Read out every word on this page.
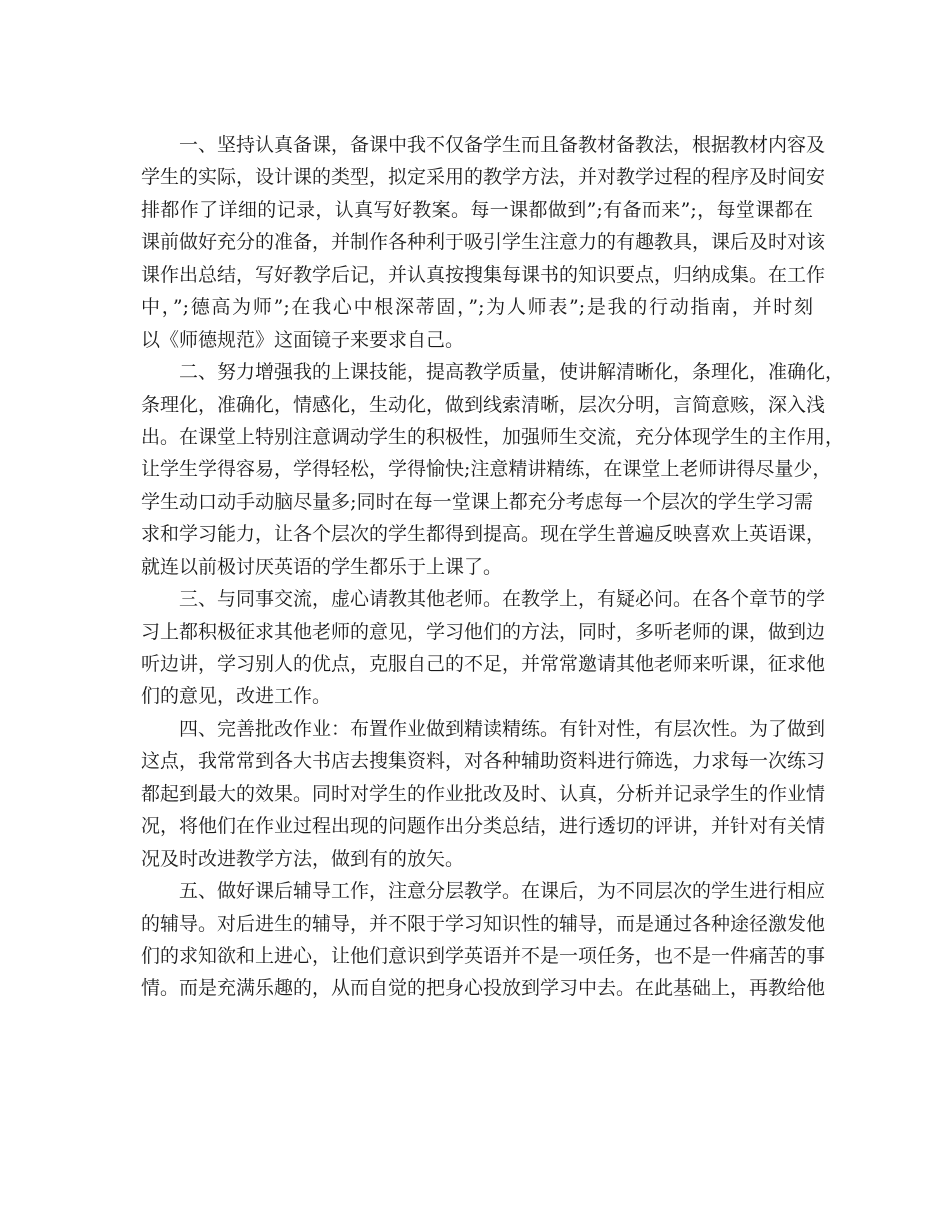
一、坚持认真备课，备课中我不仅备学生而且备教材备教法，根据教材内容及
学生的实际，设计课的类型，拟定采用的教学方法，并对教学过程的程序及时间安
排都作了详细的记录，认真写好教案。每一课都做到”;有备而来”;，每堂课都在
课前做好充分的准备，并制作各种利于吸引学生注意力的有趣教具，课后及时对该
课作出总结，写好教学后记，并认真按搜集每课书的知识要点，归纳成集。在工作
中，”;德高为师”;在我心中根深蒂固，”;为人师表”;是我的行动指南，并时刻
以《师德规范》这面镜子来要求自己。
二、努力增强我的上课技能，提高教学质量，使讲解清晰化，条理化，准确化，
条理化，准确化，情感化，生动化，做到线索清晰，层次分明，言简意赅，深入浅
出。在课堂上特别注意调动学生的积极性，加强师生交流，充分体现学生的主作用，
让学生学得容易，学得轻松，学得愉快;注意精讲精练，在课堂上老师讲得尽量少，
学生动口动手动脑尽量多;同时在每一堂课上都充分考虑每一个层次的学生学习需
求和学习能力，让各个层次的学生都得到提高。现在学生普遍反映喜欢上英语课，
就连以前极讨厌英语的学生都乐于上课了。
三、与同事交流，虚心请教其他老师。在教学上，有疑必问。在各个章节的学
习上都积极征求其他老师的意见，学习他们的方法，同时，多听老师的课，做到边
听边讲，学习别人的优点，克服自己的不足，并常常邀请其他老师来听课，征求他
们的意见，改进工作。
四、完善批改作业：布置作业做到精读精练。有针对性，有层次性。为了做到
这点，我常常到各大书店去搜集资料，对各种辅助资料进行筛选，力求每一次练习
都起到最大的效果。同时对学生的作业批改及时、认真，分析并记录学生的作业情
况，将他们在作业过程出现的问题作出分类总结，进行透切的评讲，并针对有关情
况及时改进教学方法，做到有的放矢。
五、做好课后辅导工作，注意分层教学。在课后，为不同层次的学生进行相应
的辅导。对后进生的辅导，并不限于学习知识性的辅导，而是通过各种途径激发他
们的求知欲和上进心，让他们意识到学英语并不是一项任务，也不是一件痛苦的事
情。而是充满乐趣的，从而自觉的把身心投放到学习中去。在此基础上，再教给他
